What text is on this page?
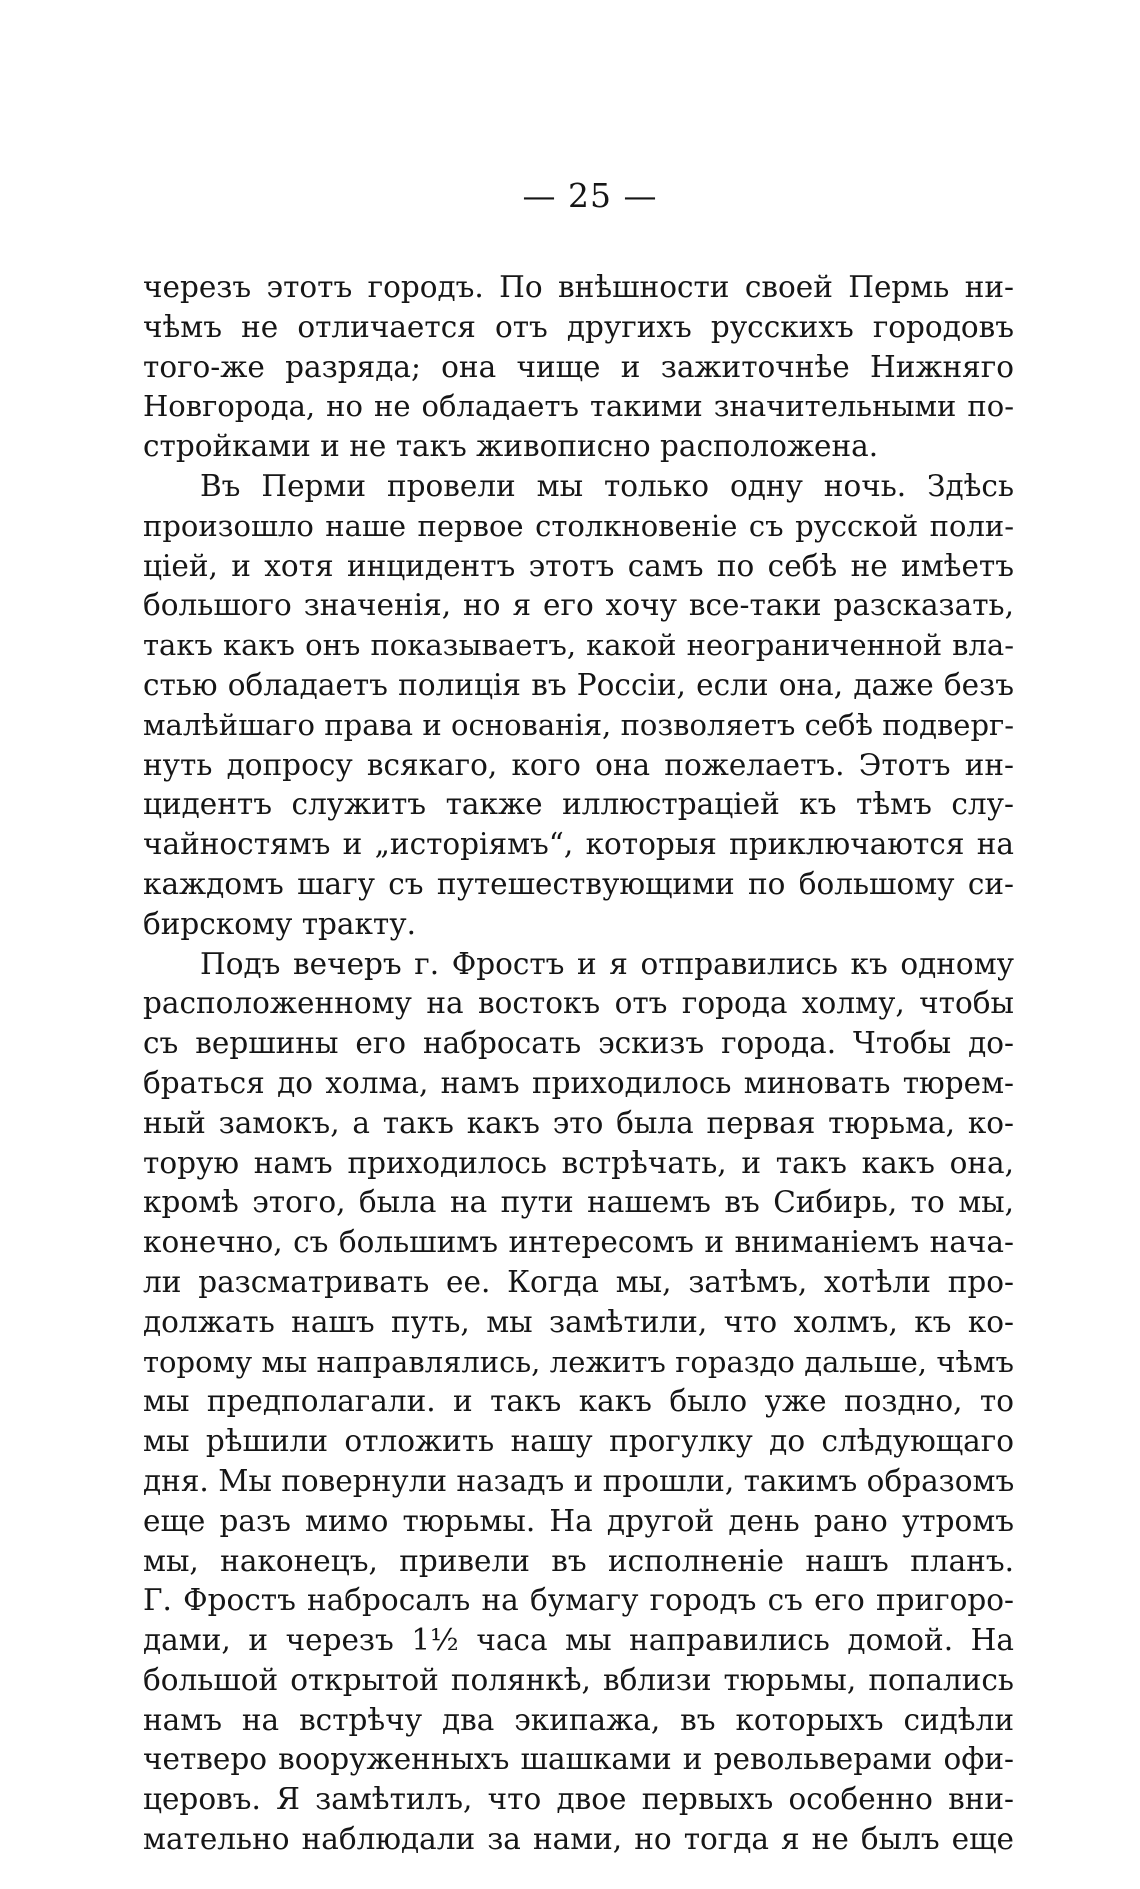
— 25 —
черезъ этотъ городъ. По внѣшности своей Пермь ни-
чѣмъ не отличается отъ другихъ русскихъ городовъ
того-же разряда; она чище и зажиточнѣе Нижняго
Новгорода, но не обладаетъ такими значительными по-
стройками и не такъ живописно расположена.
Въ Перми провели мы только одну ночь. Здѣсь
произошло наше первое столкновеніе съ русской поли-
ціей, и хотя инцидентъ этотъ самъ по себѣ не имѣетъ
большого значенія, но я его хочу все-таки разсказать,
такъ какъ онъ показываетъ, какой неограниченной вла-
стью обладаетъ полиція въ Россіи, если она, даже безъ
малѣйшаго права и основанія, позволяетъ себѣ подверг-
нуть допросу всякаго, кого она пожелаетъ. Этотъ ин-
цидентъ служитъ также иллюстраціей къ тѣмъ слу-
чайностямъ и „исторіямъ“, которыя приключаются на
каждомъ шагу съ путешествующими по большому си-
бирскому тракту.
Подъ вечеръ г. Фростъ и я отправились къ одному
расположенному на востокъ отъ города холму, чтобы
съ вершины его набросать эскизъ города. Чтобы до-
браться до холма, намъ приходилось миновать тюрем-
ный замокъ, а такъ какъ это была первая тюрьма, ко-
торую намъ приходилось встрѣчать, и такъ какъ она,
кромѣ этого, была на пути нашемъ въ Сибирь, то мы,
конечно, съ большимъ интересомъ и вниманіемъ нача-
ли разсматривать ее. Когда мы, затѣмъ, хотѣли про-
должать нашъ путь, мы замѣтили, что холмъ, къ ко-
торому мы направлялись, лежитъ гораздо дальше, чѣмъ
мы предполагали. и такъ какъ было уже поздно, то
мы рѣшили отложить нашу прогулку до слѣдующаго
дня. Мы повернули назадъ и прошли, такимъ образомъ
еще разъ мимо тюрьмы. На другой день рано утромъ
мы, наконецъ, привели въ исполненіе нашъ планъ.
Г. Фростъ набросалъ на бумагу городъ съ его пригоро-
дами, и черезъ 1½ часа мы направились домой. На
большой открытой полянкѣ, вблизи тюрьмы, попались
намъ на встрѣчу два экипажа, въ которыхъ сидѣли
четверо вооруженныхъ шашками и револьверами офи-
церовъ. Я замѣтилъ, что двое первыхъ особенно вни-
мательно наблюдали за нами, но тогда я не былъ еще
